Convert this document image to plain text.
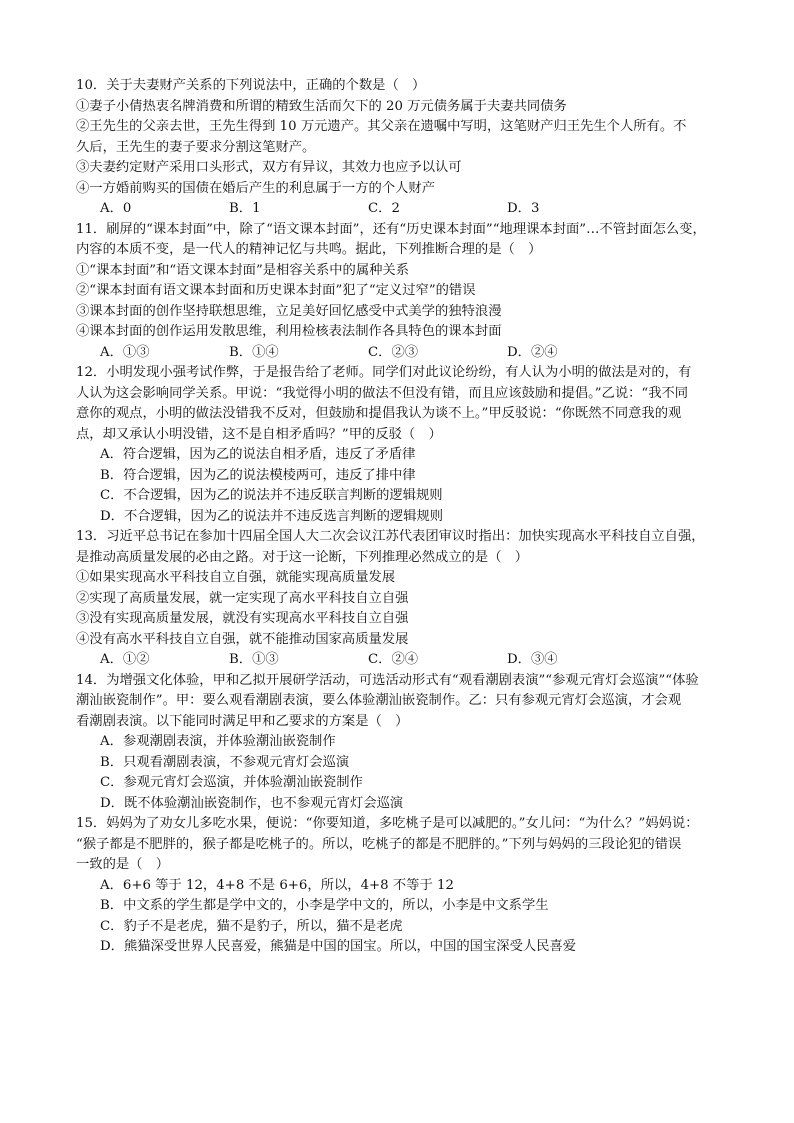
10．关于夫妻财产关系的下列说法中，正确的个数是（　）
①妻子小倩热衷名牌消费和所谓的精致生活而欠下的 20 万元债务属于夫妻共同债务
②王先生的父亲去世，王先生得到 10 万元遗产。其父亲在遗嘱中写明，这笔财产归王先生个人所有。不
久后，王先生的妻子要求分割这笔财产。
③夫妻约定财产采用口头形式，双方有异议，其效力也应予以认可
④一方婚前购买的国债在婚后产生的利息属于一方的个人财产
A．0	B．1	C．2	D．3
11．刷屏的“课本封面”中，除了“语文课本封面”，还有“历史课本封面”“地理课本封面”…不管封面怎么变，
内容的本质不变，是一代人的精神记忆与共鸣。据此，下列推断合理的是（　）
①“课本封面”和“语文课本封面”是相容关系中的属种关系
②“课本封面有语文课本封面和历史课本封面”犯了“定义过窄”的错误
③课本封面的创作坚持联想思维，立足美好回忆感受中式美学的独特浪漫
④课本封面的创作运用发散思维，利用检核表法制作各具特色的课本封面
A．①③	B．①④	C．②③	D．②④
12．小明发现小强考试作弊，于是报告给了老师。同学们对此议论纷纷，有人认为小明的做法是对的，有
人认为这会影响同学关系。甲说：“我觉得小明的做法不但没有错，而且应该鼓励和提倡。”乙说：“我不同
意你的观点，小明的做法没错我不反对，但鼓励和提倡我认为谈不上。”甲反驳说：“你既然不同意我的观
点，却又承认小明没错，这不是自相矛盾吗？”甲的反驳（　）
A．符合逻辑，因为乙的说法自相矛盾，违反了矛盾律
B．符合逻辑，因为乙的说法模棱两可，违反了排中律
C．不合逻辑，因为乙的说法并不违反联言判断的逻辑规则
D．不合逻辑，因为乙的说法并不违反选言判断的逻辑规则
13．习近平总书记在参加十四届全国人大二次会议江苏代表团审议时指出：加快实现高水平科技自立自强，
是推动高质量发展的必由之路。对于这一论断，下列推理必然成立的是（　）
①如果实现高水平科技自立自强，就能实现高质量发展
②实现了高质量发展，就一定实现了高水平科技自立自强
③没有实现高质量发展，就没有实现高水平科技自立自强
④没有高水平科技自立自强，就不能推动国家高质量发展
A．①②	B．①③	C．②④	D．③④
14．为增强文化体验，甲和乙拟开展研学活动，可选活动形式有“观看潮剧表演”“参观元宵灯会巡演”“体验
潮汕嵌瓷制作”。甲：要么观看潮剧表演，要么体验潮汕嵌瓷制作。乙：只有参观元宵灯会巡演，才会观
看潮剧表演。以下能同时满足甲和乙要求的方案是（　）
A．参观潮剧表演，并体验潮汕嵌瓷制作
B．只观看潮剧表演，不参观元宵灯会巡演
C．参观元宵灯会巡演，并体验潮汕嵌瓷制作
D．既不体验潮汕嵌瓷制作，也不参观元宵灯会巡演
15．妈妈为了劝女儿多吃水果，便说：“你要知道，多吃桃子是可以减肥的。”女儿问：“为什么？”妈妈说：
“猴子都是不肥胖的，猴子都是吃桃子的。所以，吃桃子的都是不肥胖的。”下列与妈妈的三段论犯的错误
一致的是（　）
A．6+6 等于 12，4+8 不是 6+6，所以，4+8 不等于 12
B．中文系的学生都是学中文的，小李是学中文的，所以，小李是中文系学生
C．豹子不是老虎，猫不是豹子，所以，猫不是老虎
D．熊猫深受世界人民喜爱，熊猫是中国的国宝。所以，中国的国宝深受人民喜爱
